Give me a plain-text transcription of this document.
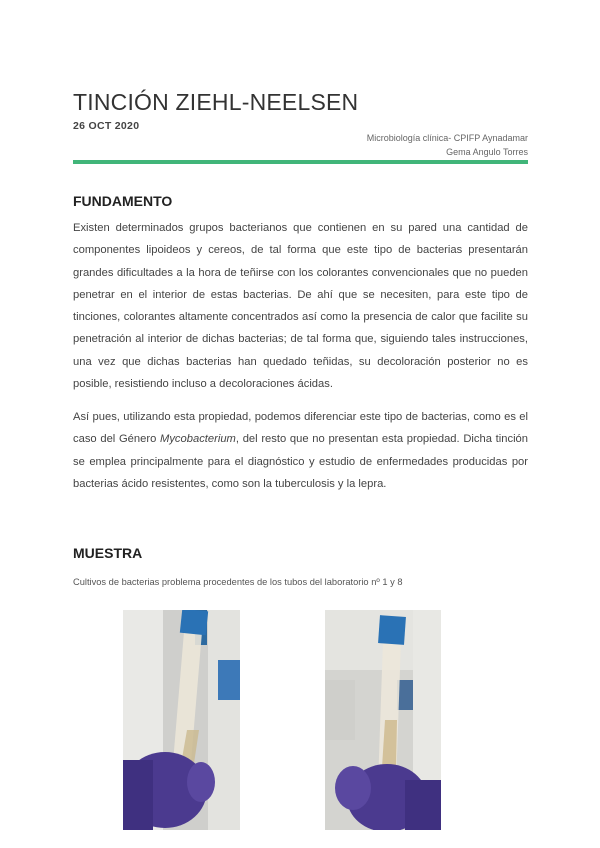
TINCIÓN ZIEHL-NEELSEN
26 OCT 2020
Microbiología clínica- CPIFP Aynadamar
Gema Angulo Torres
FUNDAMENTO

Existen determinados grupos bacterianos que contienen en su pared una cantidad de componentes lipoideos y cereos, de tal forma que este tipo de bacterias presentarán grandes dificultades a la hora de teñirse con los colorantes convencionales que no pueden penetrar en el interior de estas bacterias. De ahí que se necesiten, para este tipo de tinciones, colorantes altamente concentrados así como la presencia de calor que facilite su penetración al interior de dichas bacterias; de tal forma que, siguiendo tales instrucciones, una vez que dichas bacterias han quedado teñidas, su decoloración posterior no es posible, resistiendo incluso a decoloraciones ácidas.

Así pues, utilizando esta propiedad, podemos diferenciar este tipo de bacterias, como es el caso del Género Mycobacterium, del resto que no presentan esta propiedad. Dicha tinción se emplea principalmente para el diagnóstico y estudio de enfermedades producidas por bacterias ácido resistentes, como son la tuberculosis y la lepra.

MUESTRA
Cultivos de bacterias problema procedentes de los tubos del laboratorio nº 1 y 8
